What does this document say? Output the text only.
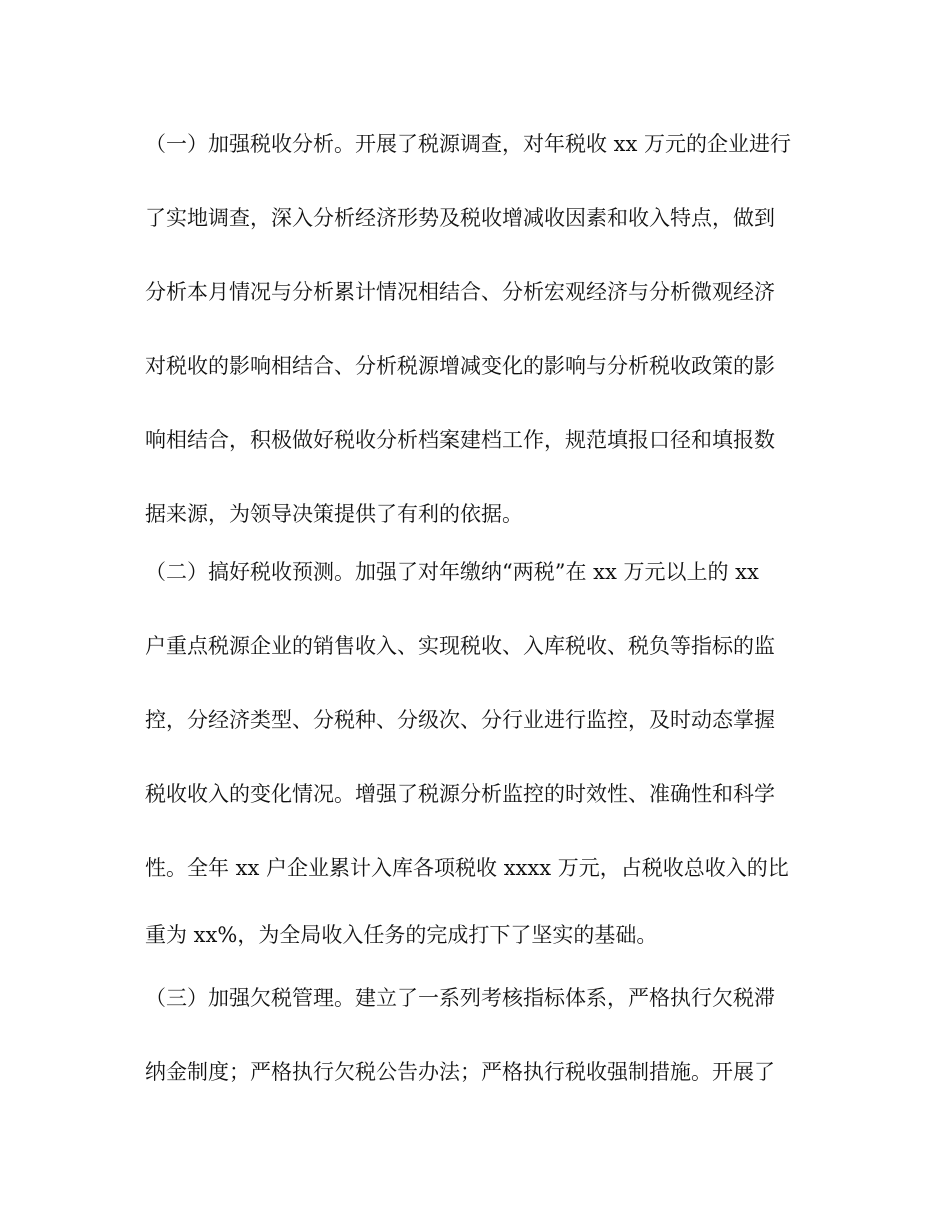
（一）加强税收分析。开展了税源调查，对年税收 xx 万元的企业进行
了实地调查，深入分析经济形势及税收增减收因素和收入特点，做到
分析本月情况与分析累计情况相结合、分析宏观经济与分析微观经济
对税收的影响相结合、分析税源增减变化的影响与分析税收政策的影
响相结合，积极做好税收分析档案建档工作，规范填报口径和填报数
据来源，为领导决策提供了有利的依据。
（二）搞好税收预测。加强了对年缴纳“两税”在 xx 万元以上的 xx
户重点税源企业的销售收入、实现税收、入库税收、税负等指标的监
控，分经济类型、分税种、分级次、分行业进行监控，及时动态掌握
税收收入的变化情况。增强了税源分析监控的时效性、准确性和科学
性。全年 xx 户企业累计入库各项税收 xxxx 万元，占税收总收入的比
重为 xx%，为全局收入任务的完成打下了坚实的基础。
（三）加强欠税管理。建立了一系列考核指标体系，严格执行欠税滞
纳金制度；严格执行欠税公告办法；严格执行税收强制措施。开展了
